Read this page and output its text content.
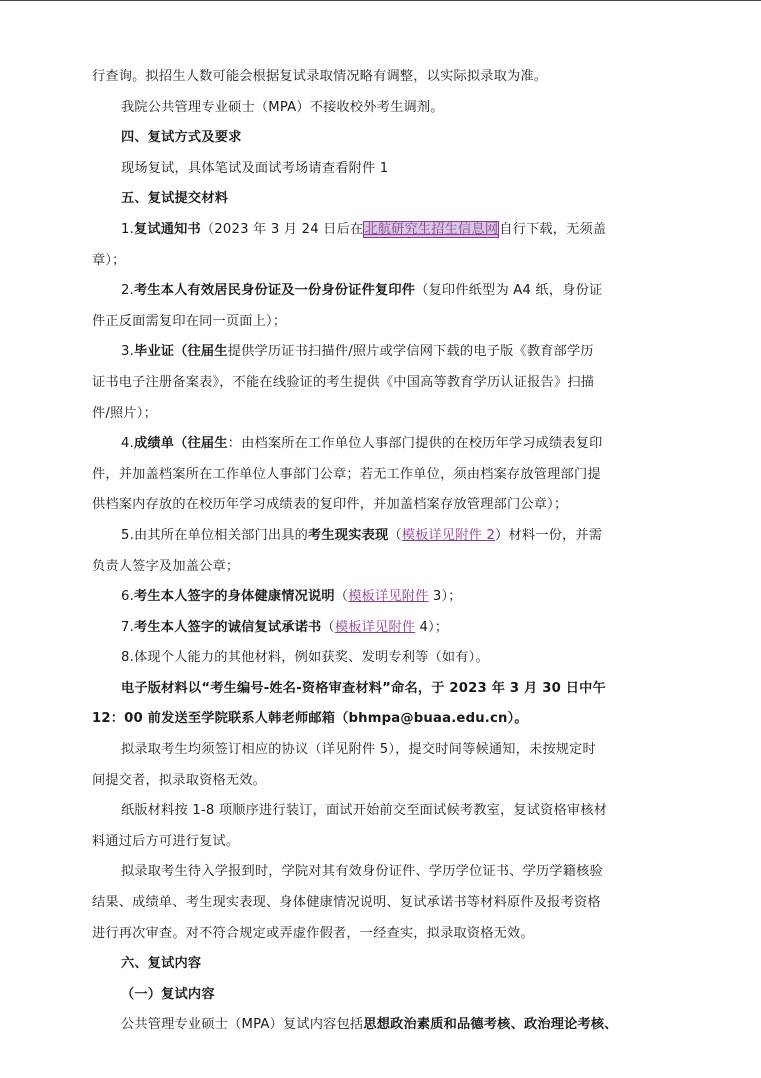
行查询。拟招生人数可能会根据复试录取情况略有调整，以实际拟录取为准。
我院公共管理专业硕士（MPA）不接收校外考生调剂。
四、复试方式及要求
现场复试，具体笔试及面试考场请查看附件 1
五、复试提交材料
1.复试通知书（2023 年 3 月 24 日后在北航研究生招生信息网自行下载，无须盖
章）；
2.考生本人有效居民身份证及一份身份证件复印件（复印件纸型为 A4 纸，身份证
件正反面需复印在同一页面上）；
3.毕业证（往届生提供学历证书扫描件/照片或学信网下载的电子版《教育部学历
证书电子注册备案表》，不能在线验证的考生提供《中国高等教育学历认证报告》扫描
件/照片）；
4.成绩单（往届生：由档案所在工作单位人事部门提供的在校历年学习成绩表复印
件，并加盖档案所在工作单位人事部门公章；若无工作单位，须由档案存放管理部门提
供档案内存放的在校历年学习成绩表的复印件，并加盖档案存放管理部门公章）；
5.由其所在单位相关部门出具的考生现实表现（模板详见附件 2）材料一份，并需
负责人签字及加盖公章；
6.考生本人签字的身体健康情况说明（模板详见附件 3）；
7.考生本人签字的诚信复试承诺书（模板详见附件 4）；
8.体现个人能力的其他材料，例如获奖、发明专利等（如有）。
电子版材料以“考生编号-姓名-资格审查材料”命名，于 2023 年 3 月 30 日中午
12：00 前发送至学院联系人韩老师邮箱（bhmpa@buaa.edu.cn）。
拟录取考生均须签订相应的协议（详见附件 5），提交时间等候通知，未按规定时
间提交者，拟录取资格无效。
纸版材料按 1-8 项顺序进行装订，面试开始前交至面试候考教室，复试资格审核材
料通过后方可进行复试。
拟录取考生待入学报到时，学院对其有效身份证件、学历学位证书、学历学籍核验
结果、成绩单、考生现实表现、身体健康情况说明、复试承诺书等材料原件及报考资格
进行再次审查。对不符合规定或弄虚作假者，一经查实，拟录取资格无效。
六、复试内容
（一）复试内容
公共管理专业硕士（MPA）复试内容包括思想政治素质和品德考核、政治理论考核、
